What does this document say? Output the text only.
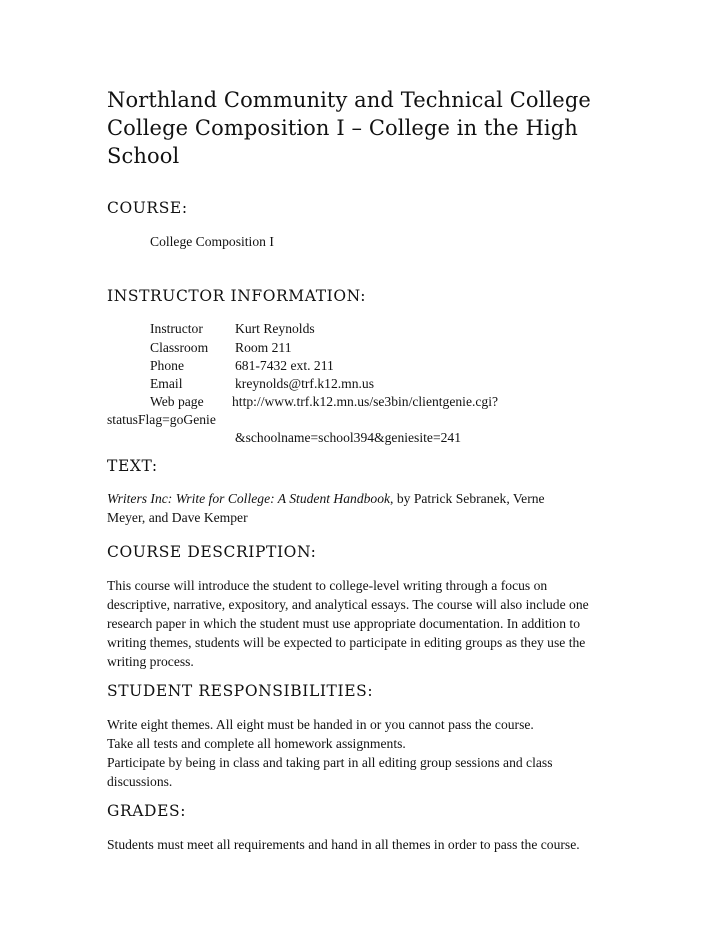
Northland Community and Technical College
College Composition I – College in the High
School
COURSE:

College Composition I

INSTRUCTOR INFORMATION:
Instructor Kurt Reynolds
Classroom Room 211
Phone	681-7432 ext. 211
Email	kreynolds@trf.k12.mn.us
Web page http://www.trf.k12.mn.us/se3bin/clientgenie.cgi?
statusFlag=goGenie
&schoolname=school394&geniesite=241
TEXT:

Writers Inc: Write for College: A Student Handbook, by Patrick Sebranek, Verne
Meyer, and Dave Kemper

COURSE DESCRIPTION:

This course will introduce the student to college-level writing through a focus on
descriptive, narrative, expository, and analytical essays. The course will also include one
research paper in which the student must use appropriate documentation. In addition to
writing themes, students will be expected to participate in editing groups as they use the
writing process.

STUDENT RESPONSIBILITIES:

Write eight themes. All eight must be handed in or you cannot pass the course.
Take all tests and complete all homework assignments.
Participate by being in class and taking part in all editing group sessions and class
discussions.

GRADES:

Students must meet all requirements and hand in all themes in order to pass the course.
